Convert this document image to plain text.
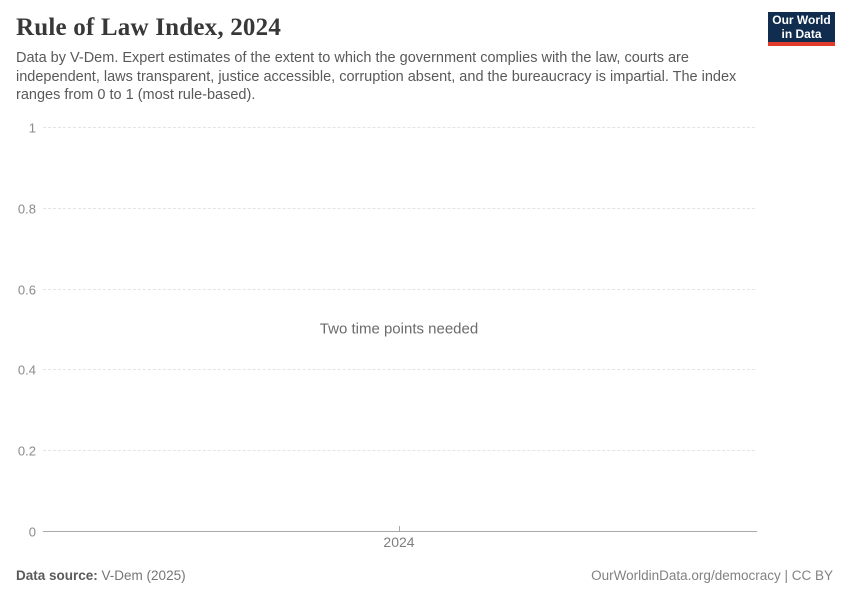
Rule of Law Index, 2024

Data by V-Dem. Expert estimates of the extent to which the government complies with the law, courts are independent, laws transparent, justice accessible, corruption absent, and the bureaucracy is impartial. The index ranges from 0 to 1 (most rule-based).

Our World
in Data
1
0.8
0.6
0.4
0.2
0
2024
Two time points needed
Data source: V-Dem (2025)	OurWorldinData.org/democracy | CC BY
